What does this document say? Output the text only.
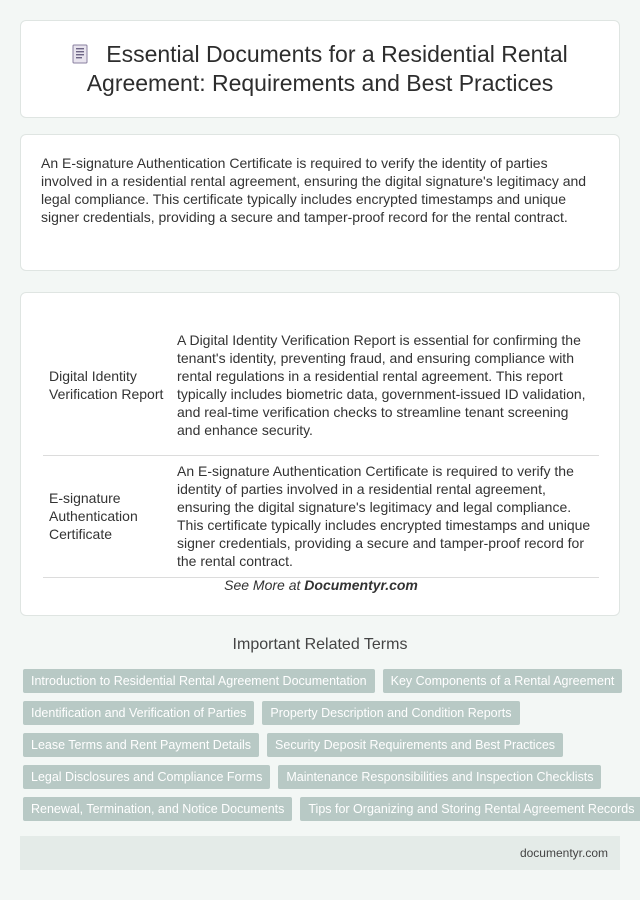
Essential Documents for a Residential Rental Agreement: Requirements and Best Practices

An E-signature Authentication Certificate is required to verify the identity of parties involved in a residential rental agreement, ensuring the digital signature's legitimacy and legal compliance. This certificate typically includes encrypted timestamps and unique signer credentials, providing a secure and tamper-proof record for the rental contract.

Digital Identity Verification Report	A Digital Identity Verification Report is essential for confirming the tenant's identity, preventing fraud, and ensuring compliance with rental regulations in a residential rental agreement. This report typically includes biometric data, government-issued ID validation, and real-time verification checks to streamline tenant screening and enhance security.
E-signature Authentication Certificate	An E-signature Authentication Certificate is required to verify the identity of parties involved in a residential rental agreement, ensuring the digital signature's legitimacy and legal compliance. This certificate typically includes encrypted timestamps and unique signer credentials, providing a secure and tamper-proof record for the rental contract.
See More at Documentyr.com
Important Related Terms
Introduction to Residential Rental Agreement Documentation	Key Components of a Rental Agreement
Identification and Verification of Parties	Property Description and Condition Reports
Lease Terms and Rent Payment Details	Security Deposit Requirements and Best Practices
Legal Disclosures and Compliance Forms	Maintenance Responsibilities and Inspection Checklists
Renewal, Termination, and Notice Documents	Tips for Organizing and Storing Rental Agreement Records
documentyr.com
